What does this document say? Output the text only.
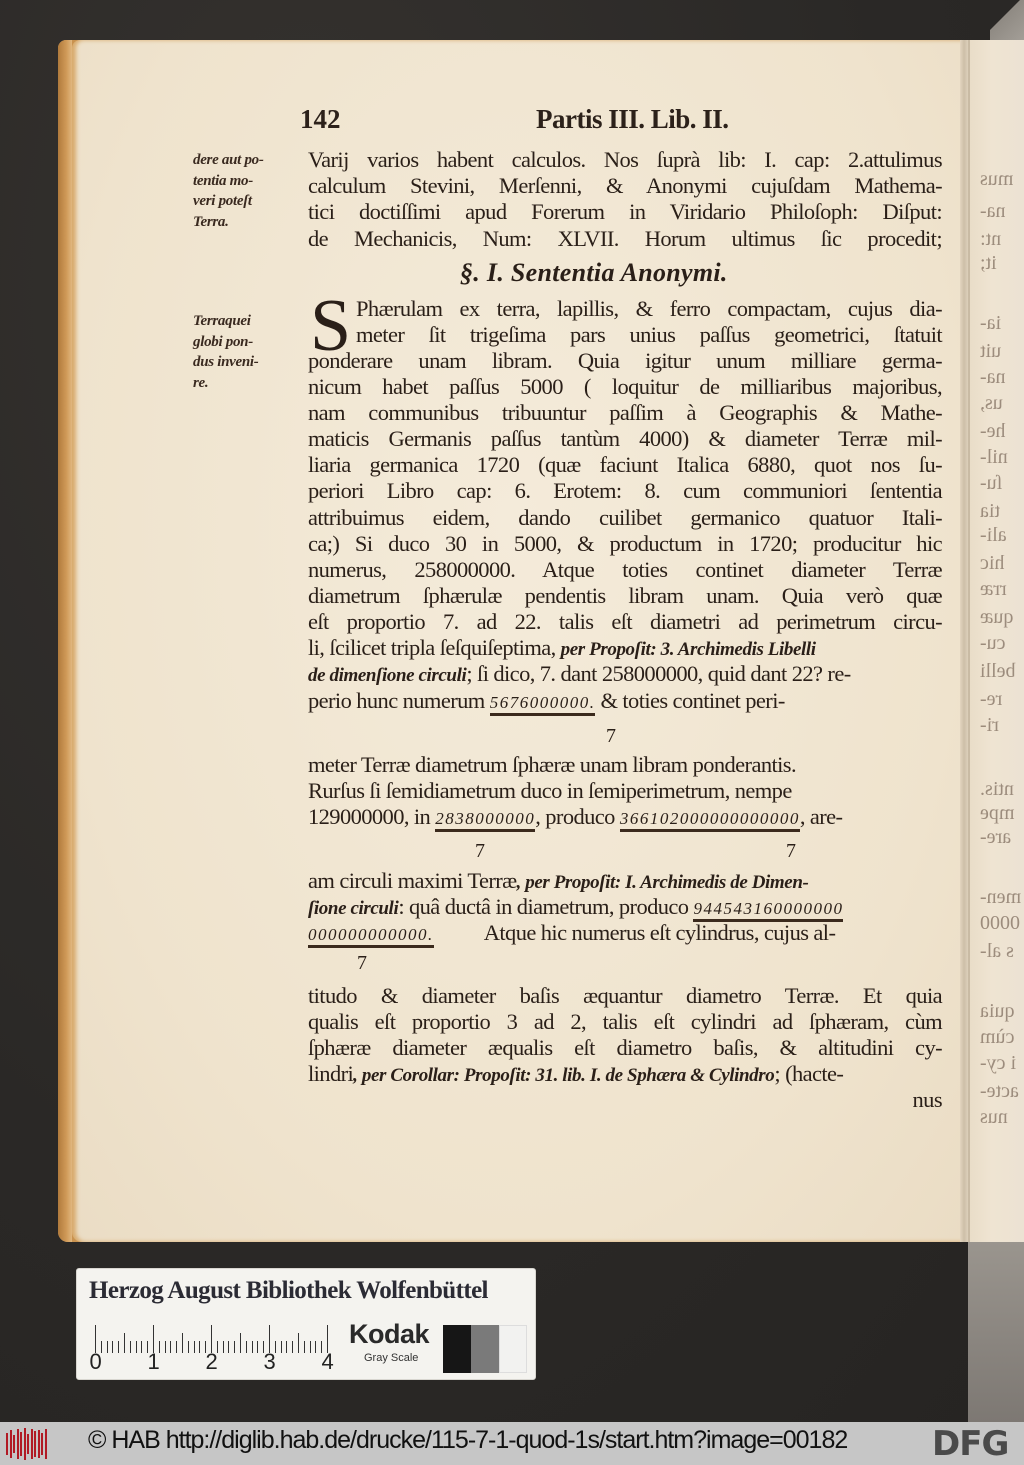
mus
na-
nt:
it;
ia-
uit
na-
us,
he-
nil-
ſu-
tia
ali-
hic
rræ
quæ
cu-
belli
re-
ri-
ntis.
mpe
are-
men-
0000
s al-
quia
cùm
i cy-
acte-
nus
142	Partis III. Lib. II.
dere aut po-
tentia mo-
veri poteſt
Terra.
Terraquei
globi pon-
dus inveni-
re.
Varij varios habent calculos. Nos ſuprà lib: I. cap: 2.attulimus
calculum Stevini, Merſenni, & Anonymi cujuſdam Mathema-
tici doctiſſimi apud Forerum in Viridario Philoſoph: Diſput:
de Mechanicis, Num: XLVII. Horum ultimus ſic procedit;
Phærulam ex terra, lapillis, & ferro compactam, cujus dia-
meter ſit trigeſima pars unius paſſus geometrici, ſtatuit
ponderare unam libram. Quia igitur unum milliare germa-
nicum habet paſſus 5000 ( loquitur de milliaribus majoribus,
nam communibus tribuuntur paſſim à Geographis & Mathe-
maticis Germanis paſſus tantùm 4000) & diameter Terræ mil-
liaria germanica 1720 (quæ faciunt Italica 6880, quot nos ſu-
periori Libro cap: 6. Erotem: 8. cum communiori ſententia
attribuimus eidem, dando cuilibet germanico quatuor Itali-
ca;) Si duco 30 in 5000, & productum in 1720; producitur hic
numerus, 258000000. Atque toties continet diameter Terræ
diametrum ſphærulæ pendentis libram unam. Quia verò quæ
eſt proportio 7. ad 22. talis eſt diametri ad perimetrum circu-
li, ſcilicet tripla ſeſquiſeptima, per Propoſit: 3. Archimedis Libelli
de dimenſione circuli; ſi dico, 7. dant 258000000, quid dant 22? re-
perio hunc numerum 5676000000. & toties continet peri-
meter Terræ diametrum ſphæræ unam libram ponderantis.
Rurſus ſi ſemidiametrum duco in ſemiperimetrum, nempe
129000000, in 2838000000, produco 366102000000000000, are-
am circuli maximi Terræ, per Propoſit: I. Archimedis de Dimen-
ſione circuli: quâ ductâ in diametrum, produco 944543160000000
000000000000. Atque hic numerus eſt cylindrus, cujus al-
titudo & diameter baſis æquantur diametro Terræ. Et quia
qualis eſt proportio 3 ad 2, talis eſt cylindri ad ſphæram, cùm
ſphæræ diameter æqualis eſt diametro baſis, & altitudini cy-
lindri, per Corollar: Propoſit: 31. lib. I. de Sphæra & Cylindro; (hacte-
nus
§. I. Sententia Anonymi.
S
7
7	7
7
Herzog August Bibliothek Wolfenbüttel
0 1 2 3 4
Kodak
Gray Scale
© HAB http://diglib.hab.de/drucke/115-7-1-quod-1s/start.htm?image=00182 DFG
